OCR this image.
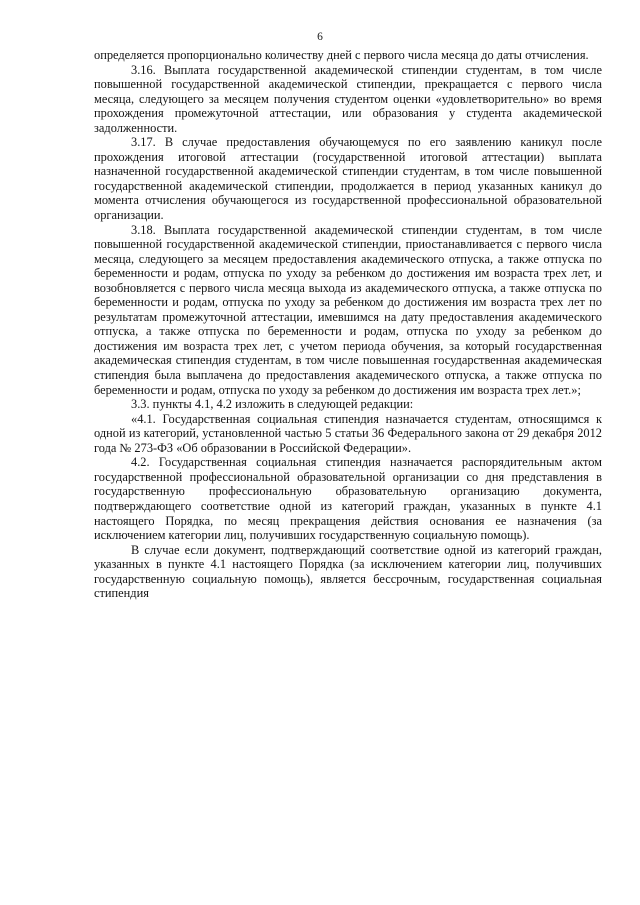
6

определяется пропорционально количеству дней с первого числа месяца до даты отчисления.

3.16. Выплата государственной академической стипендии студентам, в том числе повышенной государственной академической стипендии, прекращается с первого числа месяца, следующего за месяцем получения студентом оценки «удовлетворительно» во время прохождения промежуточной аттестации, или образования у студента академической задолженности.

3.17. В случае предоставления обучающемуся по его заявлению каникул после прохождения итоговой аттестации (государственной итоговой аттестации) выплата назначенной государственной академической стипендии студентам, в том числе повышенной государственной академической стипендии, продолжается в период указанных каникул до момента отчисления обучающегося из государственной профессиональной образовательной организации.

3.18. Выплата государственной академической стипендии студентам, в том числе повышенной государственной академической стипендии, приостанавливается с первого числа месяца, следующего за месяцем предоставления академического отпуска, а также отпуска по беременности и родам, отпуска по уходу за ребенком до достижения им возраста трех лет, и возобновляется с первого числа месяца выхода из академического отпуска, а также отпуска по беременности и родам, отпуска по уходу за ребенком до достижения им возраста трех лет по результатам промежуточной аттестации, имевшимся на дату предоставления академического отпуска, а также отпуска по беременности и родам, отпуска по уходу за ребенком до достижения им возраста трех лет, с учетом периода обучения, за который государственная академическая стипендия студентам, в том числе повышенная государственная академическая стипендия была выплачена до предоставления академического отпуска, а также отпуска по беременности и родам, отпуска по уходу за ребенком до достижения им возраста трех лет.»;

3.3. пункты 4.1, 4.2 изложить в следующей редакции:

«4.1. Государственная социальная стипендия назначается студентам, относящимся к одной из категорий, установленной частью 5 статьи 36 Федерального закона от 29 декабря 2012 года № 273-ФЗ «Об образовании в Российской Федерации».

4.2. Государственная социальная стипендия назначается распорядительным актом государственной профессиональной образовательной организации со дня представления в государственную профессиональную образовательную организацию документа, подтверждающего соответствие одной из категорий граждан, указанных в пункте 4.1 настоящего Порядка, по месяц прекращения действия основания ее назначения (за исключением категории лиц, получивших государственную социальную помощь).

В случае если документ, подтверждающий соответствие одной из категорий граждан, указанных в пункте 4.1 настоящего Порядка (за исключением категории лиц, получивших государственную социальную помощь), является бессрочным, государственная социальная стипендия
